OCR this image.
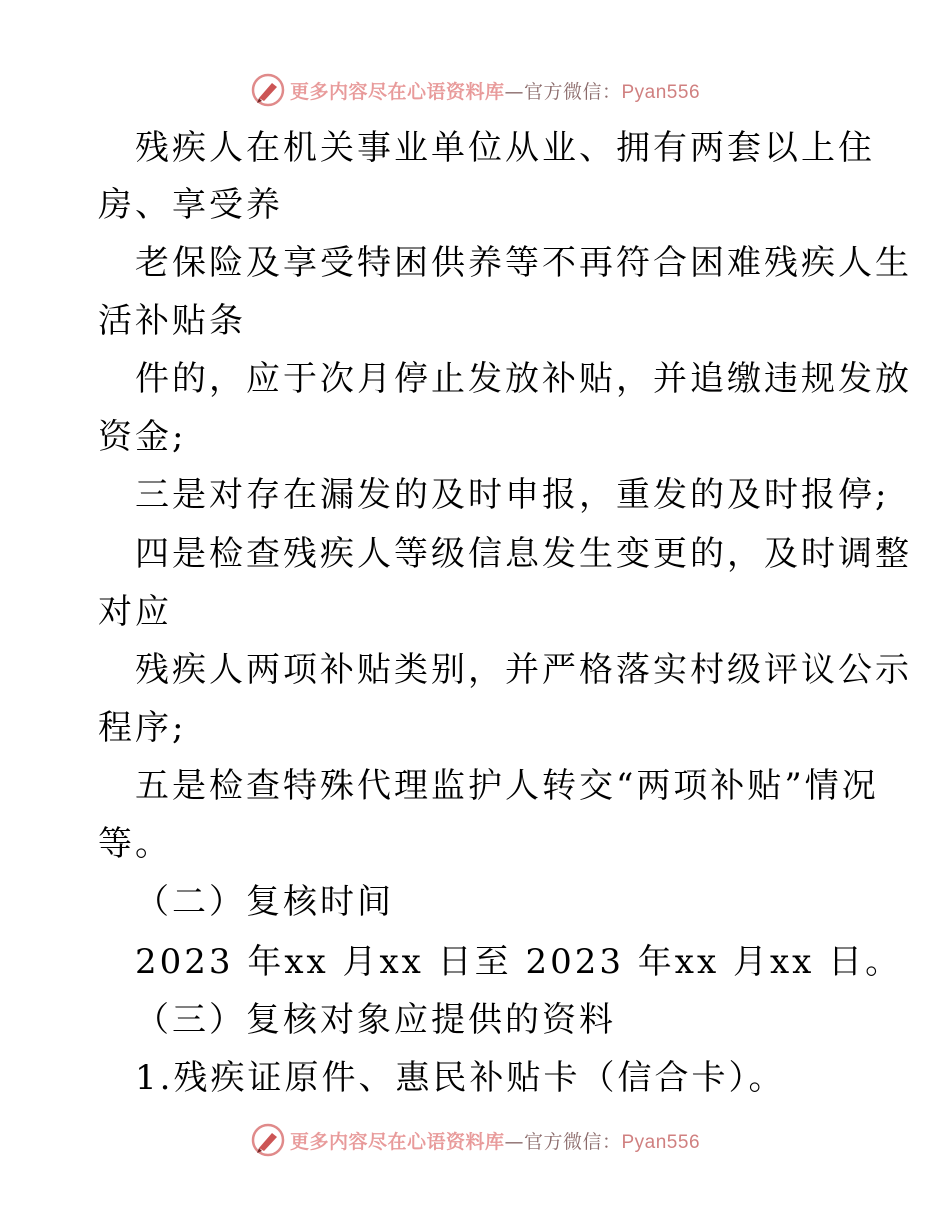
更多内容尽在心语资料库—官方微信：Pyan556
残疾人在机关事业单位从业、拥有两套以上住
房、享受养
老保险及享受特困供养等不再符合困难残疾人生
活补贴条
件的，应于次月停止发放补贴，并追缴违规发放
资金;
三是对存在漏发的及时申报，重发的及时报停;
四是检查残疾人等级信息发生变更的，及时调整
对应
残疾人两项补贴类别，并严格落实村级评议公示
程序;
五是检查特殊代理监护人转交“两项补贴”情况
等。
（二）复核时间
2023 年xx 月xx 日至 2023 年xx 月xx 日。
（三）复核对象应提供的资料
1.残疾证原件、惠民补贴卡（信合卡）。
更多内容尽在心语资料库—官方微信：Pyan556
